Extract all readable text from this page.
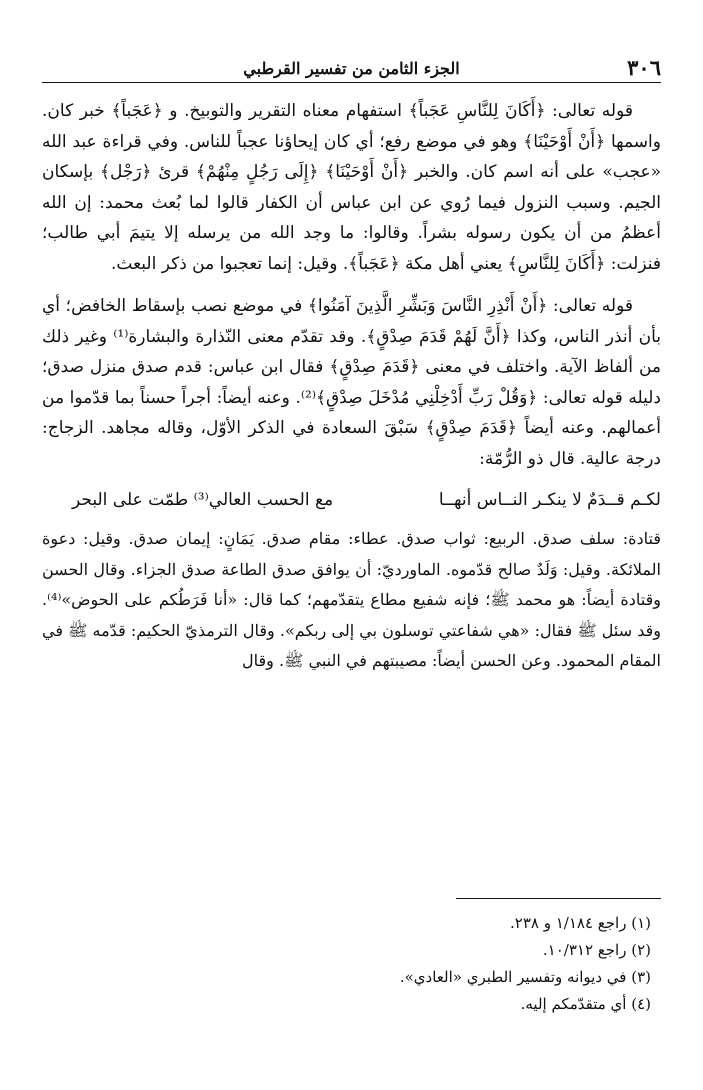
٣٠٦
الجزء الثامن من تفسير القرطبي

قوله تعالى: ﴿أَكَانَ لِلنَّاسِ عَجَباً﴾ استفهام معناه التقرير والتوبيخ. و ﴿عَجَباً﴾ خبر كان. واسمها ﴿أَنْ أَوْحَيْنَا﴾ وهو في موضع رفع؛ أي كان إيحاؤنا عجباً للناس. وفي قراءة عبد الله «عجب» على أنه اسم كان. والخبر ﴿أَنْ أَوْحَيْنَا﴾ ﴿إِلَى رَجُلٍ مِنْهُمْ﴾ قرئ ﴿رَجْل﴾ بإسكان الجيم. وسبب النزول فيما رُوي عن ابن عباس أن الكفار قالوا لما بُعث محمد: إن الله أعظمُ من أن يكون رسوله بشراً. وقالوا: ما وجد الله من يرسله إلا يتيمَ أبي طالب؛ فنزلت: ﴿أَكَانَ لِلنَّاسِ﴾ يعني أهل مكة ﴿عَجَباً﴾. وقيل: إنما تعجبوا من ذكر البعث.

قوله تعالى: ﴿أَنْ أَنْذِرِ النَّاسَ وَبَشِّرِ الَّذِينَ آمَنُوا﴾ في موضع نصب بإسقاط الخافض؛ أي بأن أنذر الناس، وكذا ﴿أَنَّ لَهُمْ قَدَمَ صِدْقٍ﴾. وقد تقدّم معنى النّذارة والبشارة⁽¹⁾ وغير ذلك من ألفاظ الآية. واختلف في معنى ﴿قَدَمَ صِدْقٍ﴾ فقال ابن عباس: قدم صدق منزل صدق؛ دليله قوله تعالى: ﴿وَقُلْ رَبِّ أَدْخِلْنِي مُدْخَلَ صِدْقٍ﴾⁽²⁾. وعنه أيضاً: أجراً حسناً بما قدّموا من أعمالهم. وعنه أيضاً ﴿قَدَمَ صِدْقٍ﴾ سَبْقَ السعادة في الذكر الأوّل، وقاله مجاهد. الزجاج: درجة عالية. قال ذو الرُّمّة:

لكـم قــدَمٌ لا ينكـر النــاس أنهــا
مع الحسب العالي⁽³⁾ طمّت على البحر

قتادة: سلف صدق. الربيع: ثواب صدق. عطاء: مقام صدق. يَمَانٍ: إيمان صدق. وقيل: دعوة الملائكة. وقيل: وَلَدٌ صالح قدّموه. الماورديّ: أن يوافق صدق الطاعة صدق الجزاء. وقال الحسن وقتادة أيضاً: هو محمد ﷺ؛ فإنه شفيع مطاع يتقدّمهم؛ كما قال: «أنا فَرَطُكم على الحوض»⁽⁴⁾. وقد سئل ﷺ فقال: «هي شفاعتي توسلون بي إلى ربكم». وقال الترمذيّ الحكيم: قدّمه ﷺ في المقام المحمود. وعن الحسن أيضاً: مصيبتهم في النبي ﷺ. وقال

(١) راجع ١/١٨٤ و ٢٣٨.

(٢) راجع ١٠/٣١٢.

(٣) في ديوانه وتفسير الطبري «العادي».

(٤) أي متقدّمكم إليه.
